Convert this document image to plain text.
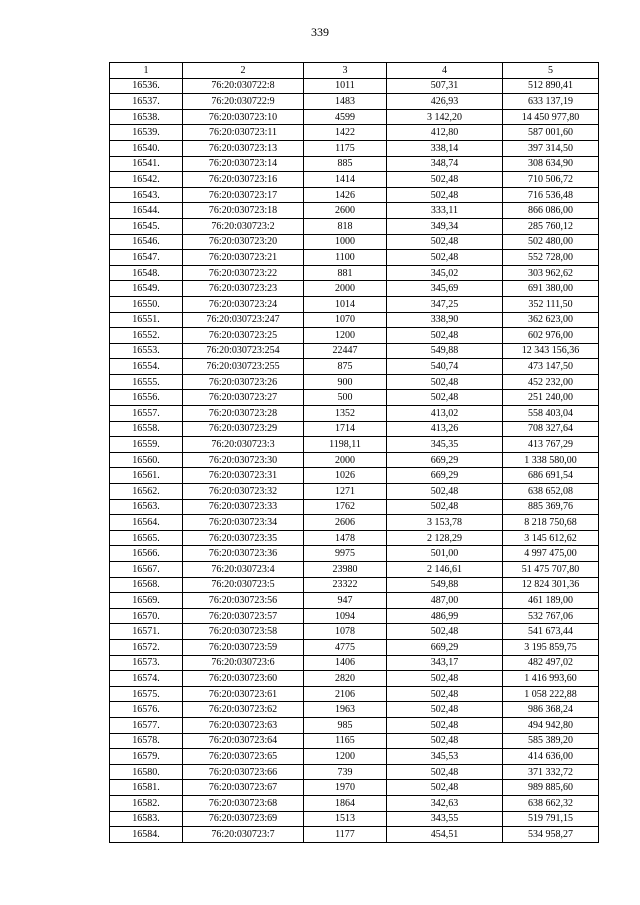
339
1	2	3	4	5
16536.	76:20:030722:8	1011	507,31	512 890,41
16537.	76:20:030722:9	1483	426,93	633 137,19
16538.	76:20:030723:10	4599	3 142,20	14 450 977,80
16539.	76:20:030723:11	1422	412,80	587 001,60
16540.	76:20:030723:13	1175	338,14	397 314,50
16541.	76:20:030723:14	885	348,74	308 634,90
16542.	76:20:030723:16	1414	502,48	710 506,72
16543.	76:20:030723:17	1426	502,48	716 536,48
16544.	76:20:030723:18	2600	333,11	866 086,00
16545.	76:20:030723:2	818	349,34	285 760,12
16546.	76:20:030723:20	1000	502,48	502 480,00
16547.	76:20:030723:21	1100	502,48	552 728,00
16548.	76:20:030723:22	881	345,02	303 962,62
16549.	76:20:030723:23	2000	345,69	691 380,00
16550.	76:20:030723:24	1014	347,25	352 111,50
16551.	76:20:030723:247	1070	338,90	362 623,00
16552.	76:20:030723:25	1200	502,48	602 976,00
16553.	76:20:030723:254	22447	549,88	12 343 156,36
16554.	76:20:030723:255	875	540,74	473 147,50
16555.	76:20:030723:26	900	502,48	452 232,00
16556.	76:20:030723:27	500	502,48	251 240,00
16557.	76:20:030723:28	1352	413,02	558 403,04
16558.	76:20:030723:29	1714	413,26	708 327,64
16559.	76:20:030723:3	1198,11	345,35	413 767,29
16560.	76:20:030723:30	2000	669,29	1 338 580,00
16561.	76:20:030723:31	1026	669,29	686 691,54
16562.	76:20:030723:32	1271	502,48	638 652,08
16563.	76:20:030723:33	1762	502,48	885 369,76
16564.	76:20:030723:34	2606	3 153,78	8 218 750,68
16565.	76:20:030723:35	1478	2 128,29	3 145 612,62
16566.	76:20:030723:36	9975	501,00	4 997 475,00
16567.	76:20:030723:4	23980	2 146,61	51 475 707,80
16568.	76:20:030723:5	23322	549,88	12 824 301,36
16569.	76:20:030723:56	947	487,00	461 189,00
16570.	76:20:030723:57	1094	486,99	532 767,06
16571.	76:20:030723:58	1078	502,48	541 673,44
16572.	76:20:030723:59	4775	669,29	3 195 859,75
16573.	76:20:030723:6	1406	343,17	482 497,02
16574.	76:20:030723:60	2820	502,48	1 416 993,60
16575.	76:20:030723:61	2106	502,48	1 058 222,88
16576.	76:20:030723:62	1963	502,48	986 368,24
16577.	76:20:030723:63	985	502,48	494 942,80
16578.	76:20:030723:64	1165	502,48	585 389,20
16579.	76:20:030723:65	1200	345,53	414 636,00
16580.	76:20:030723:66	739	502,48	371 332,72
16581.	76:20:030723:67	1970	502,48	989 885,60
16582.	76:20:030723:68	1864	342,63	638 662,32
16583.	76:20:030723:69	1513	343,55	519 791,15
16584.	76:20:030723:7	1177	454,51	534 958,27
